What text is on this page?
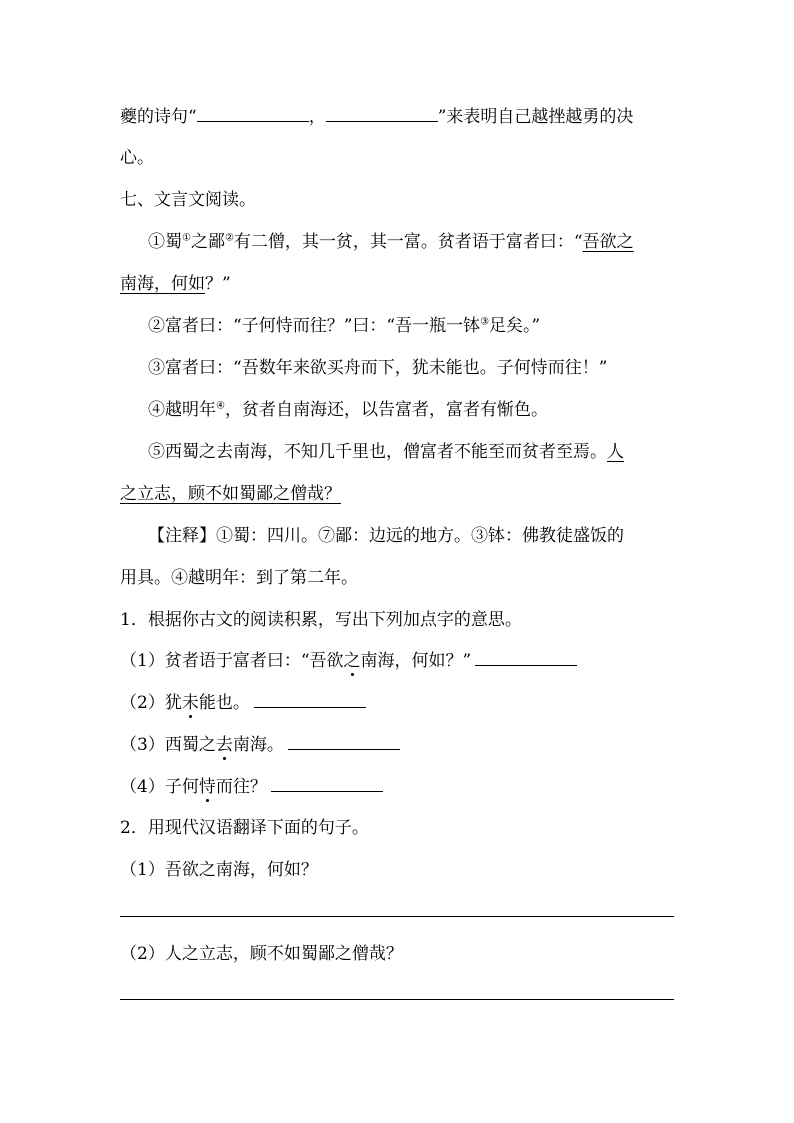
夔的诗句“	，	”来表明自己越挫越勇的决
心。
七、文言文阅读。
①蜀①之鄙②有二僧，其一贫，其一富。贫者语于富者曰：“吾欲之
南海，何如？”
②富者曰：“子何恃而往？”曰：“吾一瓶一钵③足矣。”
③富者曰：“吾数年来欲买舟而下，犹未能也。子何恃而往！”
④越明年④，贫者自南海还，以告富者，富者有惭色。
⑤西蜀之去南海，不知几千里也，僧富者不能至而贫者至焉。人
之立志，顾不如蜀鄙之僧哉？
【注释】①蜀：四川。⑦鄙：边远的地方。③钵：佛教徒盛饭的
用具。④越明年：到了第二年。
1．根据你古文的阅读积累，写出下列加点字的意思。
（1）贫者语于富者曰：“吾欲之南海，何如？”
（2）犹未能也。
（3）西蜀之去南海。
（4）子何恃而往？
2．用现代汉语翻译下面的句子。
（1）吾欲之南海，何如？
（2）人之立志，顾不如蜀鄙之僧哉？
